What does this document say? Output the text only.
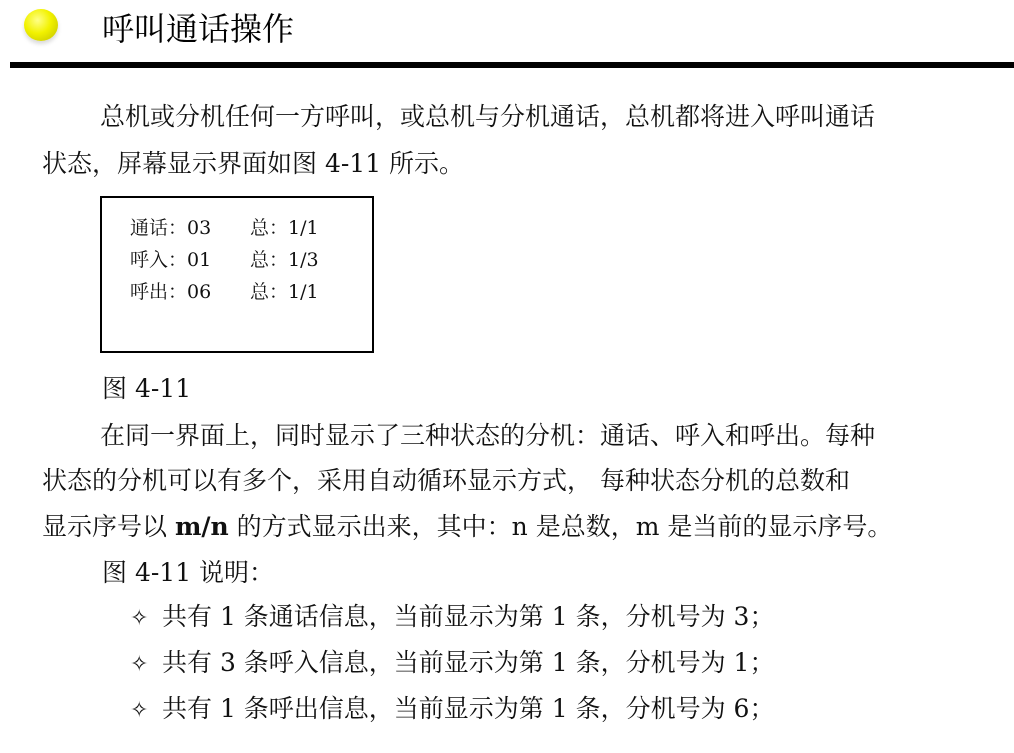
呼叫通话操作
总机或分机任何一方呼叫，或总机与分机通话，总机都将进入呼叫通话
状态，屏幕显示界面如图 4-11 所示。
通话：03 总：1/1
呼入：01 总：1/3
呼出：06 总：1/1
图 4-11
在同一界面上，同时显示了三种状态的分机：通话、呼入和呼出。每种
状态的分机可以有多个，采用自动循环显示方式， 每种状态分机的总数和
显示序号以 m/n 的方式显示出来，其中：n 是总数，m 是当前的显示序号。
图 4-11 说明：
✧ 共有 1 条通话信息，当前显示为第 1 条，分机号为 3；
✧ 共有 3 条呼入信息，当前显示为第 1 条，分机号为 1；
✧ 共有 1 条呼出信息，当前显示为第 1 条，分机号为 6；
